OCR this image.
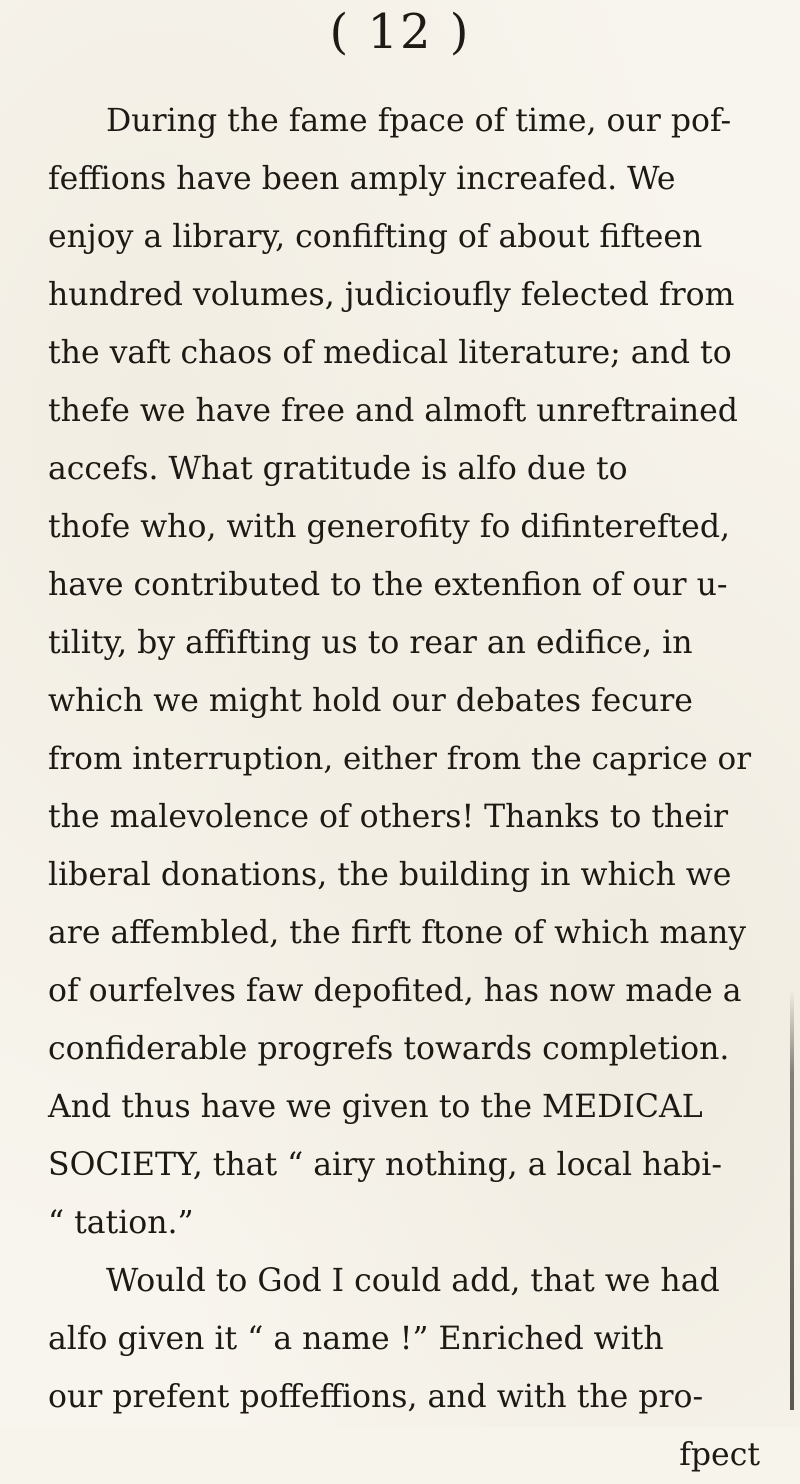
( 12 )
During the fame fpace of time, our pof-
feffions have been amply increafed. We
enjoy a library, confifting of about fifteen
hundred volumes, judicioufly felected from
the vaft chaos of medical literature; and to
thefe we have free and almoft unreftrained
accefs. What gratitude is alfo due to
thofe who, with generofity fo difinterefted,
have contributed to the extenfion of our u-
tility, by affifting us to rear an edifice, in
which we might hold our debates fecure
from interruption, either from the caprice or
the malevolence of others! Thanks to their
liberal donations, the building in which we
are affembled, the firft ftone of which many
of ourfelves faw depofited, has now made a
confiderable progrefs towards completion.
And thus have we given to the MEDICAL
SOCIETY, that “ airy nothing, a local habi-
“ tation.”
Would to God I could add, that we had
alfo given it “ a name !” Enriched with
our prefent poffeffions, and with the pro-
fpect
